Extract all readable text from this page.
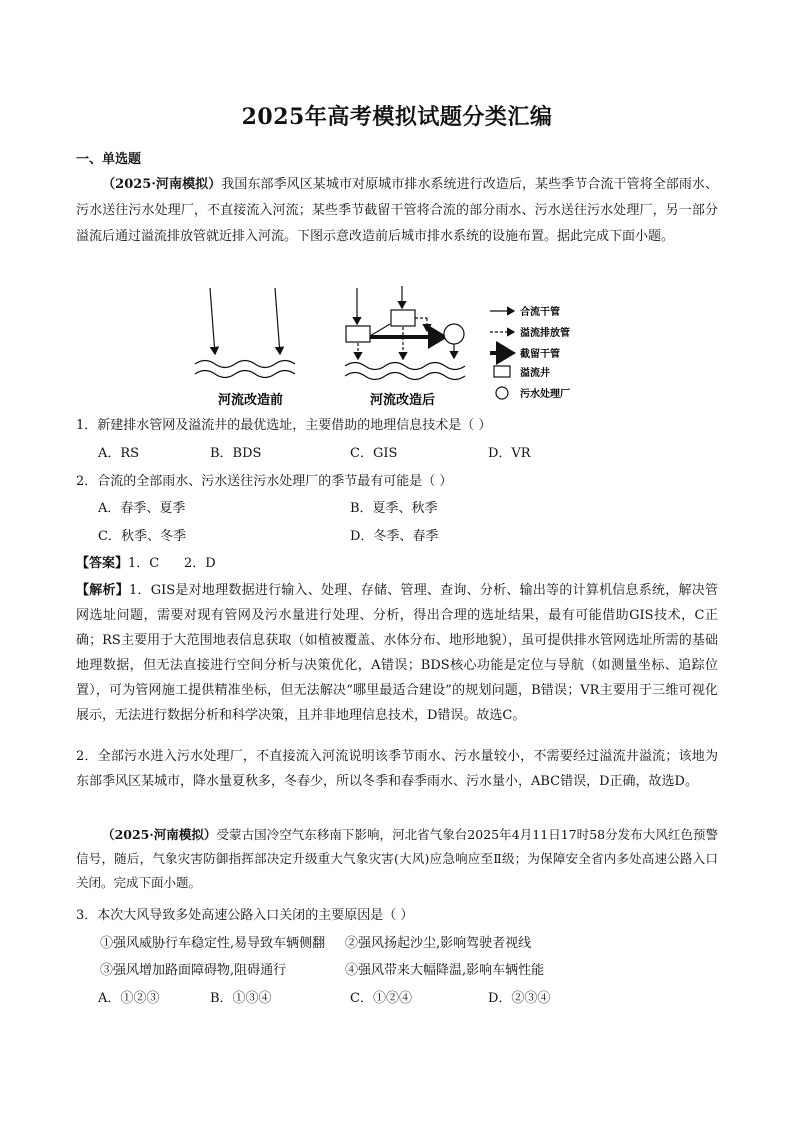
2025年高考模拟试题分类汇编
一、单选题
（2025·河南模拟）我国东部季风区某城市对原城市排水系统进行改造后，某些季节合流干管将全部雨水、污水送往污水处理厂，不直接流入河流；某些季节截留干管将合流的部分雨水、污水送往污水处理厂，另一部分溢流后通过溢流排放管就近排入河流。下图示意改造前后城市排水系统的设施布置。据此完成下面小题。
河流改造前	河流改造后
合流干管
溢流排放管
截留干管
溢流井
污水处理厂
1．新建排水管网及溢流井的最优选址，主要借助的地理信息技术是（ ）
A．RS	B．BDS	C．GIS	D．VR
2．合流的全部雨水、污水送往污水处理厂的季节最有可能是（ ）
A．春季、夏季	B．夏季、秋季
C．秋季、冬季	D．冬季、春季
【答案】1．C      2．D
【解析】1．GIS是对地理数据进行输入、处理、存储、管理、查询、分析、输出等的计算机信息系统，解决管网选址问题，需要对现有管网及污水量进行处理、分析，得出合理的选址结果，最有可能借助GIS技术，C正确；RS主要用于大范围地表信息获取（如植被覆盖、水体分布、地形地貌），虽可提供排水管网选址所需的基础地理数据，但无法直接进行空间分析与决策优化，A错误；BDS核心功能是定位与导航（如测量坐标、追踪位置），可为管网施工提供精准坐标，但无法解决“哪里最适合建设”的规划问题，B错误；VR主要用于三维可视化展示，无法进行数据分析和科学决策，且并非地理信息技术，D错误。故选C。
2．全部污水进入污水处理厂，不直接流入河流说明该季节雨水、污水量较小，不需要经过溢流井溢流；该地为东部季风区某城市，降水量夏秋多，冬春少，所以冬季和春季雨水、污水量小，ABC错误，D正确，故选D。
（2025·河南模拟）受蒙古国冷空气东移南下影响，河北省气象台2025年4月11日17时58分发布大风红色预警信号，随后，气象灾害防御指挥部决定升级重大气象灾害(大风)应急响应至Ⅱ级；为保障安全省内多处高速公路入口关闭。完成下面小题。
3．本次大风导致多处高速公路入口关闭的主要原因是（ ）
①强风威胁行车稳定性,易导致车辆侧翻 ②强风扬起沙尘,影响驾驶者视线
③强风增加路面障碍物,阻碍通行	④强风带来大幅降温,影响车辆性能
A．①②③	B．①③④	C．①②④	D．②③④
